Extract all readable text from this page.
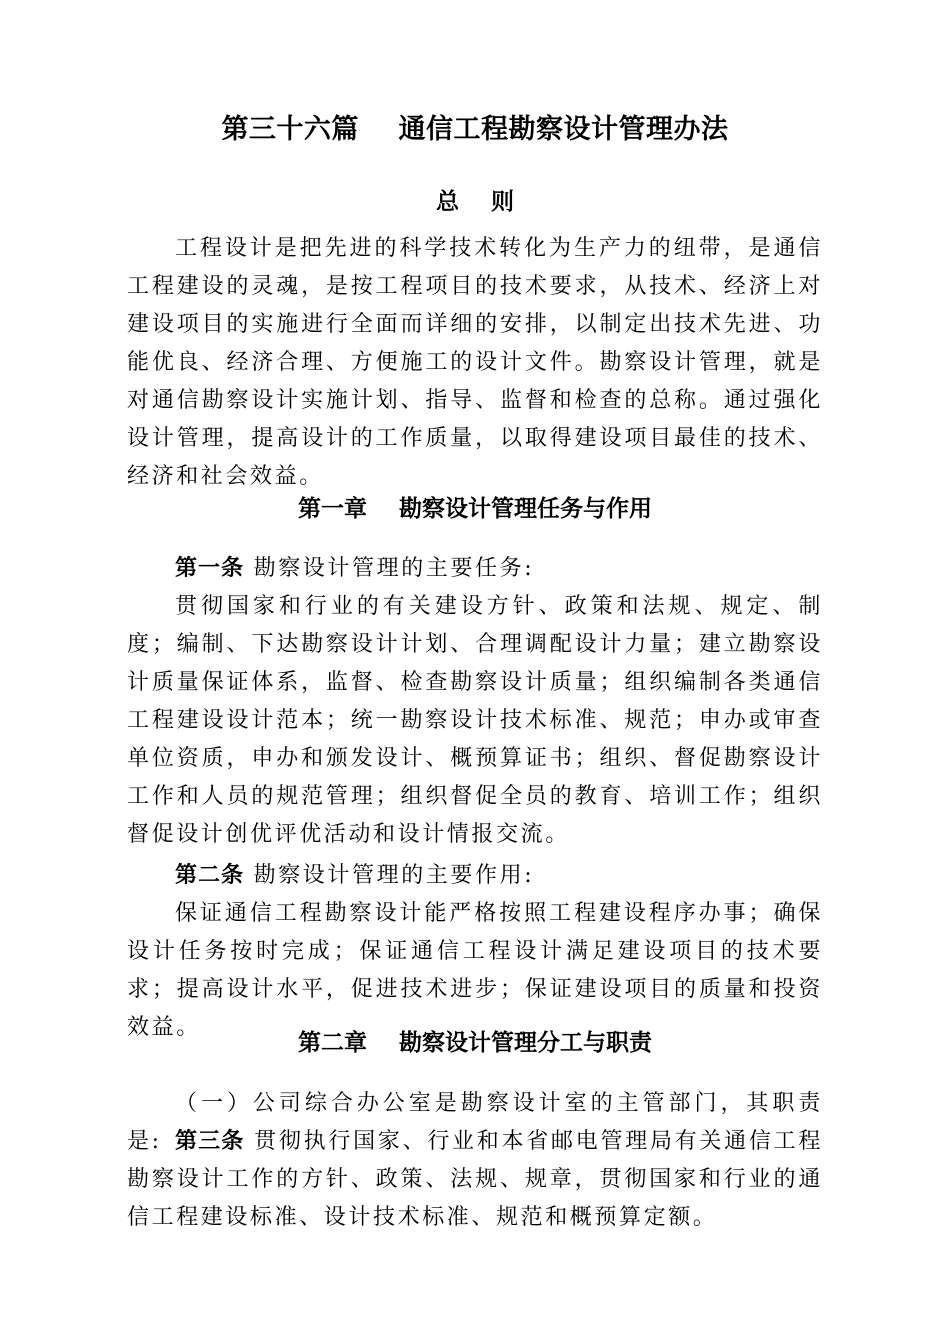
第三十六篇    通信工程勘察设计管理办法
总    则

工程设计是把先进的科学技术转化为生产力的纽带，是通信工程建设的灵魂，是按工程项目的技术要求，从技术、经济上对建设项目的实施进行全面而详细的安排，以制定出技术先进、功能优良、经济合理、方便施工的设计文件。勘察设计管理，就是对通信勘察设计实施计划、指导、监督和检查的总称。通过强化设计管理，提高设计的工作质量，以取得建设项目最佳的技术、经济和社会效益。

第一章    勘察设计管理任务与作用

第一条 勘察设计管理的主要任务:

贯彻国家和行业的有关建设方针、政策和法规、规定、制度；编制、下达勘察设计计划、合理调配设计力量；建立勘察设计质量保证体系，监督、检查勘察设计质量；组织编制各类通信工程建设设计范本；统一勘察设计技术标准、规范；申办或审查单位资质，申办和颁发设计、概预算证书；组织、督促勘察设计工作和人员的规范管理；组织督促全员的教育、培训工作；组织督促设计创优评优活动和设计情报交流。

第二条 勘察设计管理的主要作用:

保证通信工程勘察设计能严格按照工程建设程序办事；确保设计任务按时完成；保证通信工程设计满足建设项目的技术要求；提高设计水平，促进技术进步；保证建设项目的质量和投资效益。

第二章    勘察设计管理分工与职责

（一）公司综合办公室是勘察设计室的主管部门，其职责是: 第三条 贯彻执行国家、行业和本省邮电管理局有关通信工程勘察设计工作的方针、政策、法规、规章，贯彻国家和行业的通信工程建设标准、设计技术标准、规范和概预算定额。
